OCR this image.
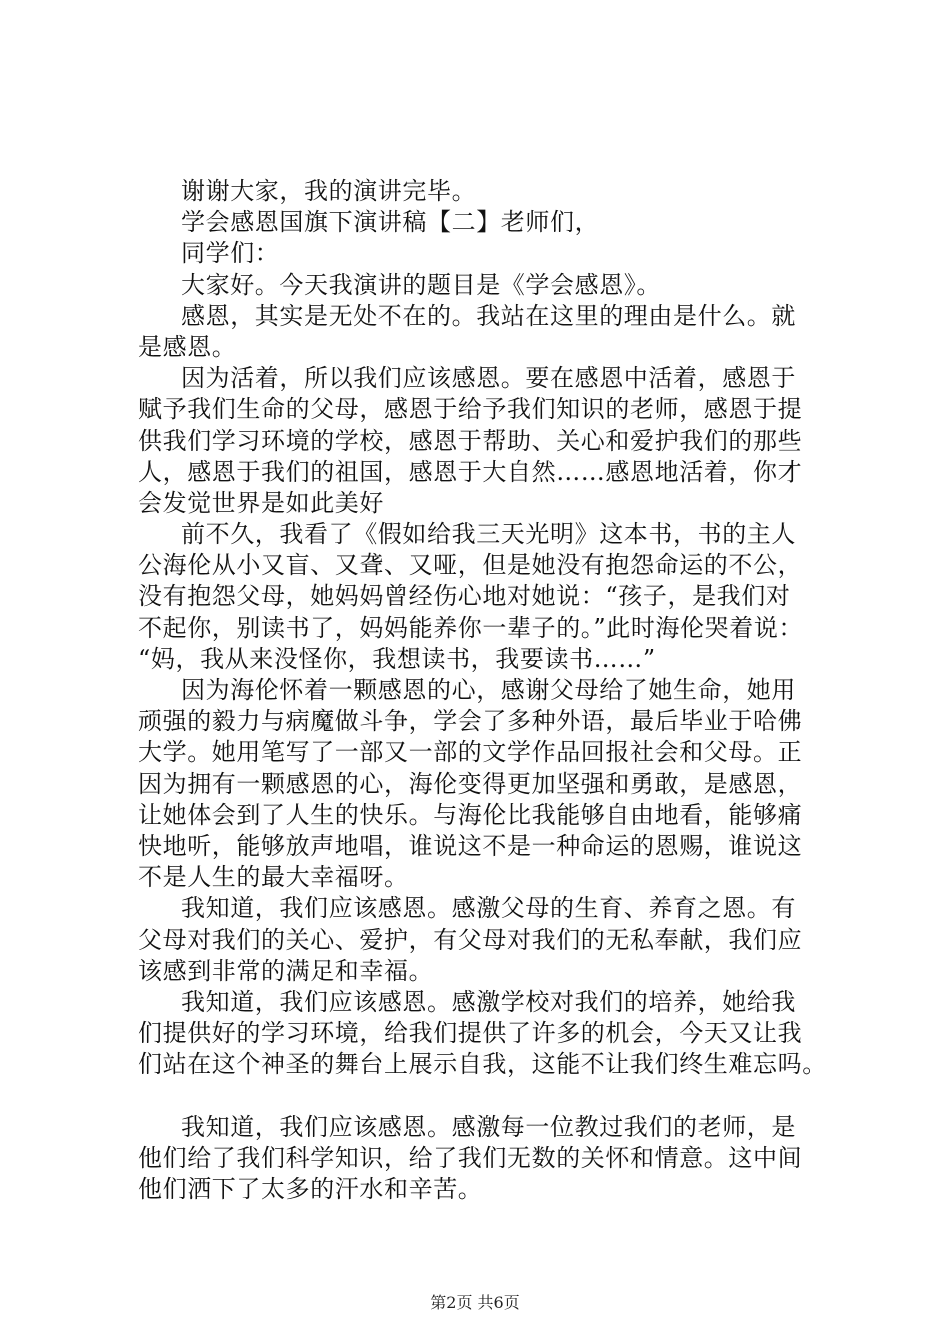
谢谢大家，我的演讲完毕。
学会感恩国旗下演讲稿【二】老师们，
同学们：
大家好。今天我演讲的题目是《学会感恩》。
感恩，其实是无处不在的。我站在这里的理由是什么。就
是感恩。
因为活着，所以我们应该感恩。要在感恩中活着，感恩于
赋予我们生命的父母，感恩于给予我们知识的老师，感恩于提
供我们学习环境的学校，感恩于帮助、关心和爱护我们的那些
人，感恩于我们的祖国，感恩于大自然……感恩地活着，你才
会发觉世界是如此美好
前不久，我看了《假如给我三天光明》这本书，书的主人
公海伦从小又盲、又聋、又哑，但是她没有抱怨命运的不公，
没有抱怨父母，她妈妈曾经伤心地对她说：“孩子，是我们对
不起你，别读书了，妈妈能养你一辈子的。”此时海伦哭着说：
“妈，我从来没怪你，我想读书，我要读书……”
因为海伦怀着一颗感恩的心，感谢父母给了她生命，她用
顽强的毅力与病魔做斗争，学会了多种外语，最后毕业于哈佛
大学。她用笔写了一部又一部的文学作品回报社会和父母。正
因为拥有一颗感恩的心，海伦变得更加坚强和勇敢，是感恩，
让她体会到了人生的快乐。与海伦比我能够自由地看，能够痛
快地听，能够放声地唱，谁说这不是一种命运的恩赐，谁说这
不是人生的最大幸福呀。
我知道，我们应该感恩。感激父母的生育、养育之恩。有
父母对我们的关心、爱护，有父母对我们的无私奉献，我们应
该感到非常的满足和幸福。
我知道，我们应该感恩。感激学校对我们的培养，她给我
们提供好的学习环境，给我们提供了许多的机会，今天又让我
们站在这个神圣的舞台上展示自我，这能不让我们终生难忘吗。
我知道，我们应该感恩。感激每一位教过我们的老师，是
他们给了我们科学知识，给了我们无数的关怀和情意。这中间
他们洒下了太多的汗水和辛苦。
第2页 共6页
